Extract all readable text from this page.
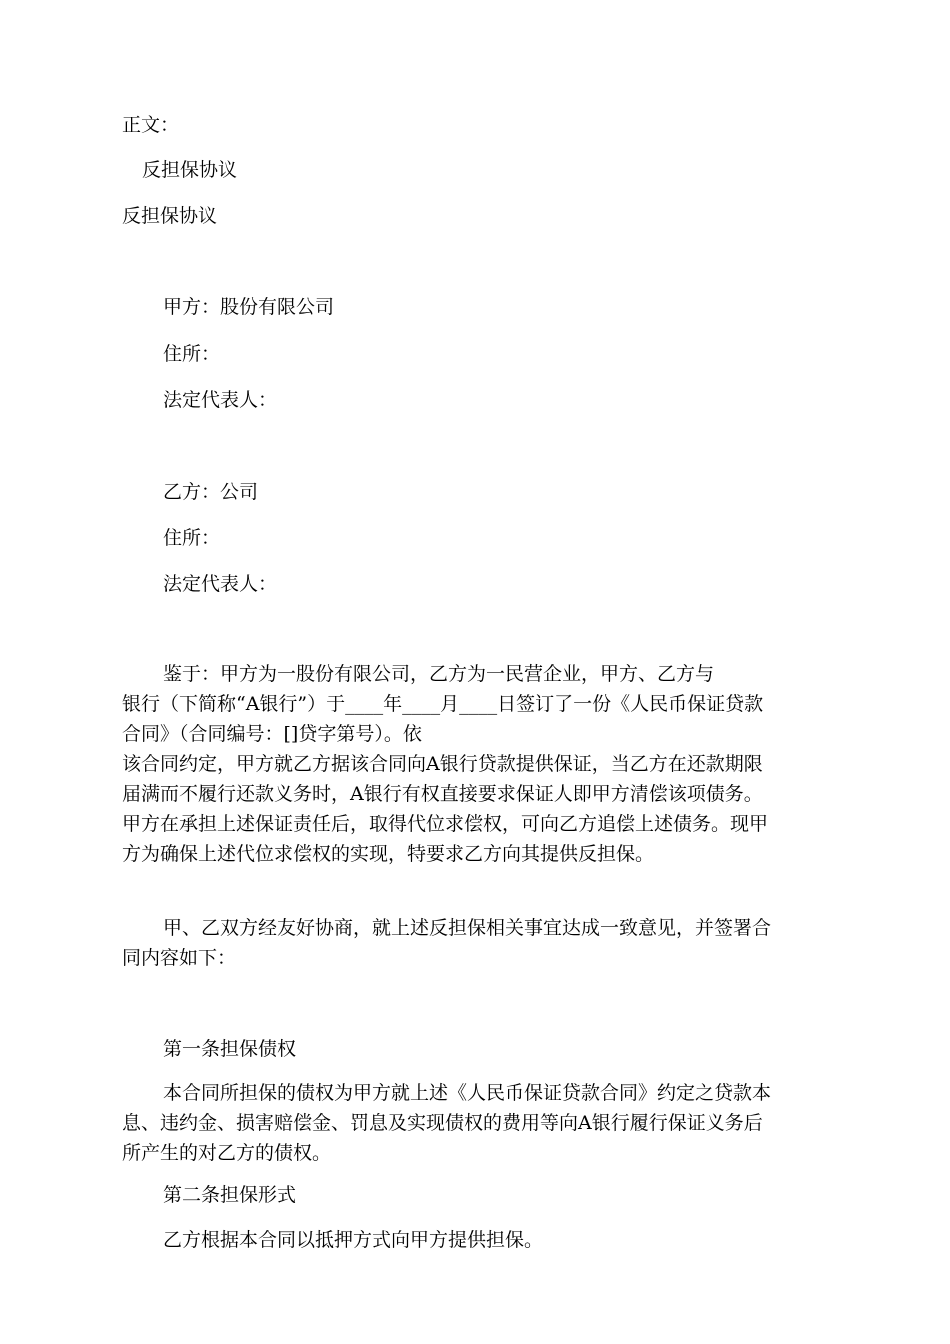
正文：
反担保协议
反担保协议
甲方：股份有限公司
住所：
法定代表人：
乙方：公司
住所：
法定代表人：
鉴于：甲方为一股份有限公司，乙方为一民营企业，甲方、乙方与
银行（下简称“A银行”）于____年____月____日签订了一份《人民币保证贷款
合同》（合同编号：[]贷字第号）。依
该合同约定，甲方就乙方据该合同向A银行贷款提供保证，当乙方在还款期限
届满而不履行还款义务时，A银行有权直接要求保证人即甲方清偿该项债务。
甲方在承担上述保证责任后，取得代位求偿权，可向乙方追偿上述债务。现甲
方为确保上述代位求偿权的实现，特要求乙方向其提供反担保。
甲、乙双方经友好协商，就上述反担保相关事宜达成一致意见，并签署合
同内容如下：
第一条担保债权
本合同所担保的债权为甲方就上述《人民币保证贷款合同》约定之贷款本
息、违约金、损害赔偿金、罚息及实现债权的费用等向A银行履行保证义务后
所产生的对乙方的债权。
第二条担保形式
乙方根据本合同以抵押方式向甲方提供担保。
